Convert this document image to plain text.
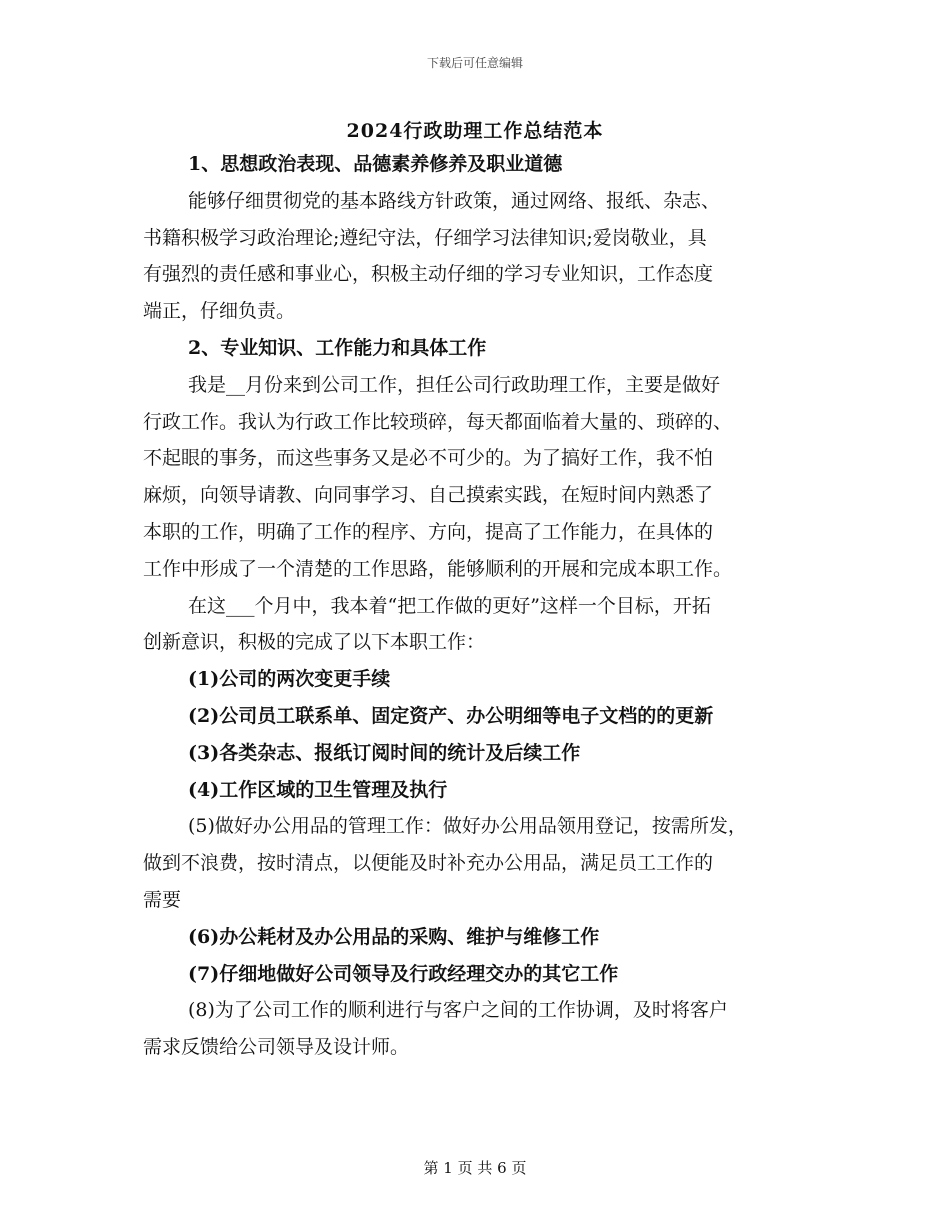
下载后可任意编辑
2024行政助理工作总结范本
1、思想政治表现、品德素养修养及职业道德
能够仔细贯彻党的基本路线方针政策，通过网络、报纸、杂志、
书籍积极学习政治理论;遵纪守法，仔细学习法律知识;爱岗敬业，具
有强烈的责任感和事业心，积极主动仔细的学习专业知识，工作态度
端正，仔细负责。
2、专业知识、工作能力和具体工作
我是__月份来到公司工作，担任公司行政助理工作，主要是做好
行政工作。我认为行政工作比较琐碎，每天都面临着大量的、琐碎的、
不起眼的事务，而这些事务又是必不可少的。为了搞好工作，我不怕
麻烦，向领导请教、向同事学习、自己摸索实践，在短时间内熟悉了
本职的工作，明确了工作的程序、方向，提高了工作能力，在具体的
工作中形成了一个清楚的工作思路，能够顺利的开展和完成本职工作。
在这___个月中，我本着“把工作做的更好”这样一个目标，开拓
创新意识，积极的完成了以下本职工作：
(1)公司的两次变更手续
(2)公司员工联系单、固定资产、办公明细等电子文档的的更新
(3)各类杂志、报纸订阅时间的统计及后续工作
(4)工作区域的卫生管理及执行
(5)做好办公用品的管理工作：做好办公用品领用登记，按需所发，
做到不浪费，按时清点，以便能及时补充办公用品，满足员工工作的
需要
(6)办公耗材及办公用品的采购、维护与维修工作
(7)仔细地做好公司领导及行政经理交办的其它工作
(8)为了公司工作的顺利进行与客户之间的工作协调，及时将客户
需求反馈给公司领导及设计师。
第 1 页 共 6 页
